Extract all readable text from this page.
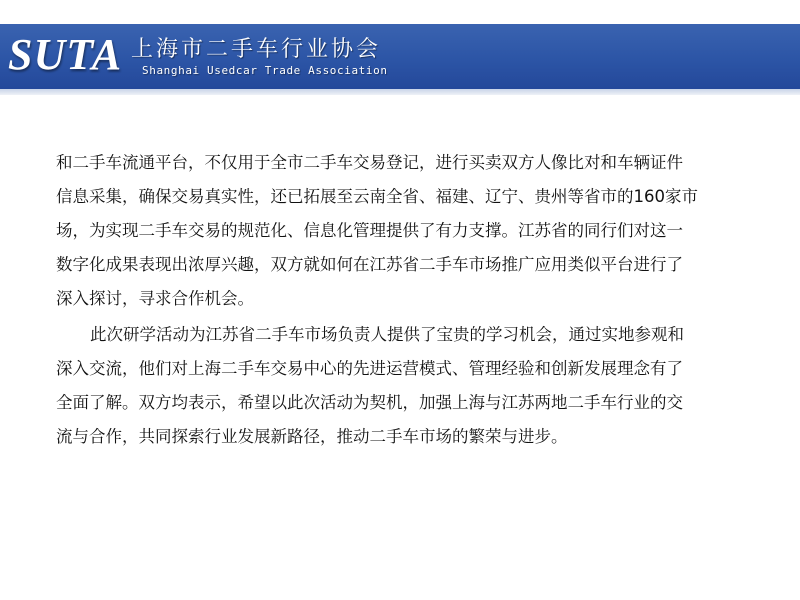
SUTA 上海市二手车行业协会
Shanghai Usedcar Trade Association
和二手车流通平台，不仅用于全市二手车交易登记，进行买卖双方人像比对和车辆证件
信息采集，确保交易真实性，还已拓展至云南全省、福建、辽宁、贵州等省市的160家市
场，为实现二手车交易的规范化、信息化管理提供了有力支撑。江苏省的同行们对这一
数字化成果表现出浓厚兴趣，双方就如何在江苏省二手车市场推广应用类似平台进行了
深入探讨，寻求合作机会。
此次研学活动为江苏省二手车市场负责人提供了宝贵的学习机会，通过实地参观和
深入交流，他们对上海二手车交易中心的先进运营模式、管理经验和创新发展理念有了
全面了解。双方均表示，希望以此次活动为契机，加强上海与江苏两地二手车行业的交
流与合作，共同探索行业发展新路径，推动二手车市场的繁荣与进步。
